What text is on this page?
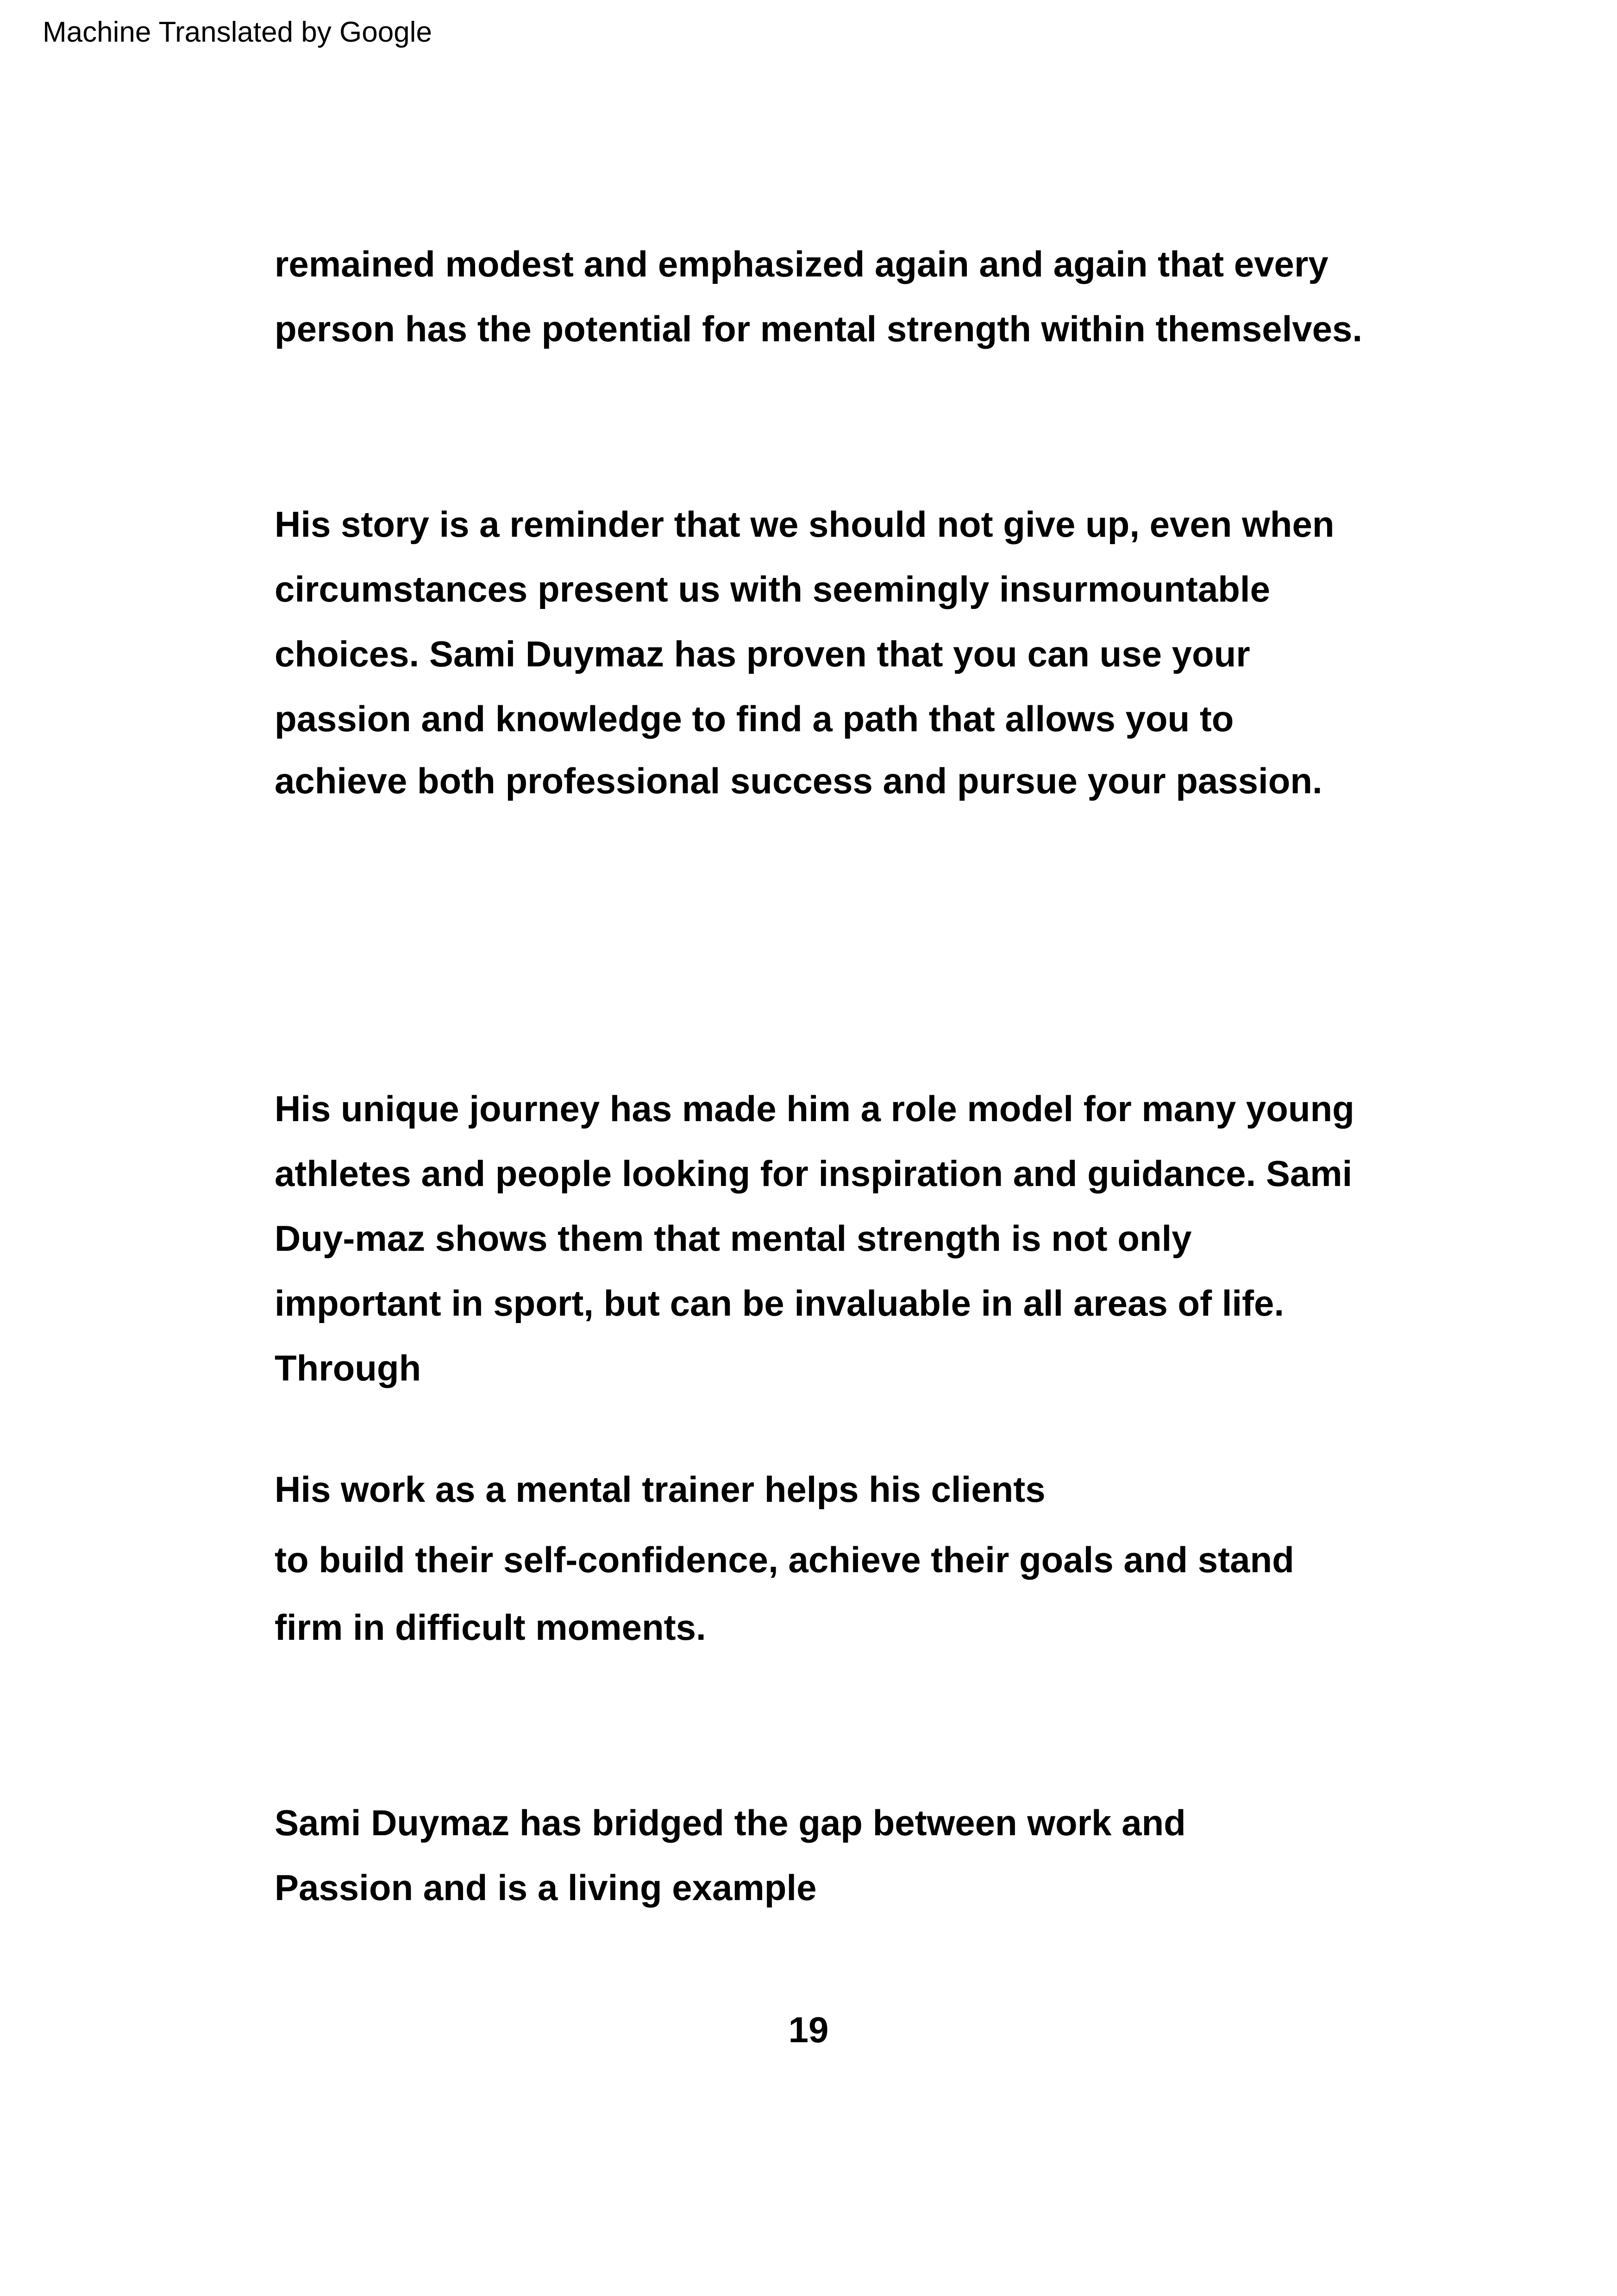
Machine Translated by Google
remained modest and emphasized again and again that every
person has the potential for mental strength within themselves.
His story is a reminder that we should not give up, even when
circumstances present us with seemingly insurmountable
choices. Sami Duymaz has proven that you can use your
passion and knowledge to find a path that allows you to
achieve both professional success and pursue your passion.
His unique journey has made him a role model for many young
athletes and people looking for inspiration and guidance. Sami
Duy-maz shows them that mental strength is not only
important in sport, but can be invaluable in all areas of life.
Through
His work as a mental trainer helps his clients
to build their self-confidence, achieve their goals and stand
firm in difficult moments.
Sami Duymaz has bridged the gap between work and
Passion and is a living example
19
